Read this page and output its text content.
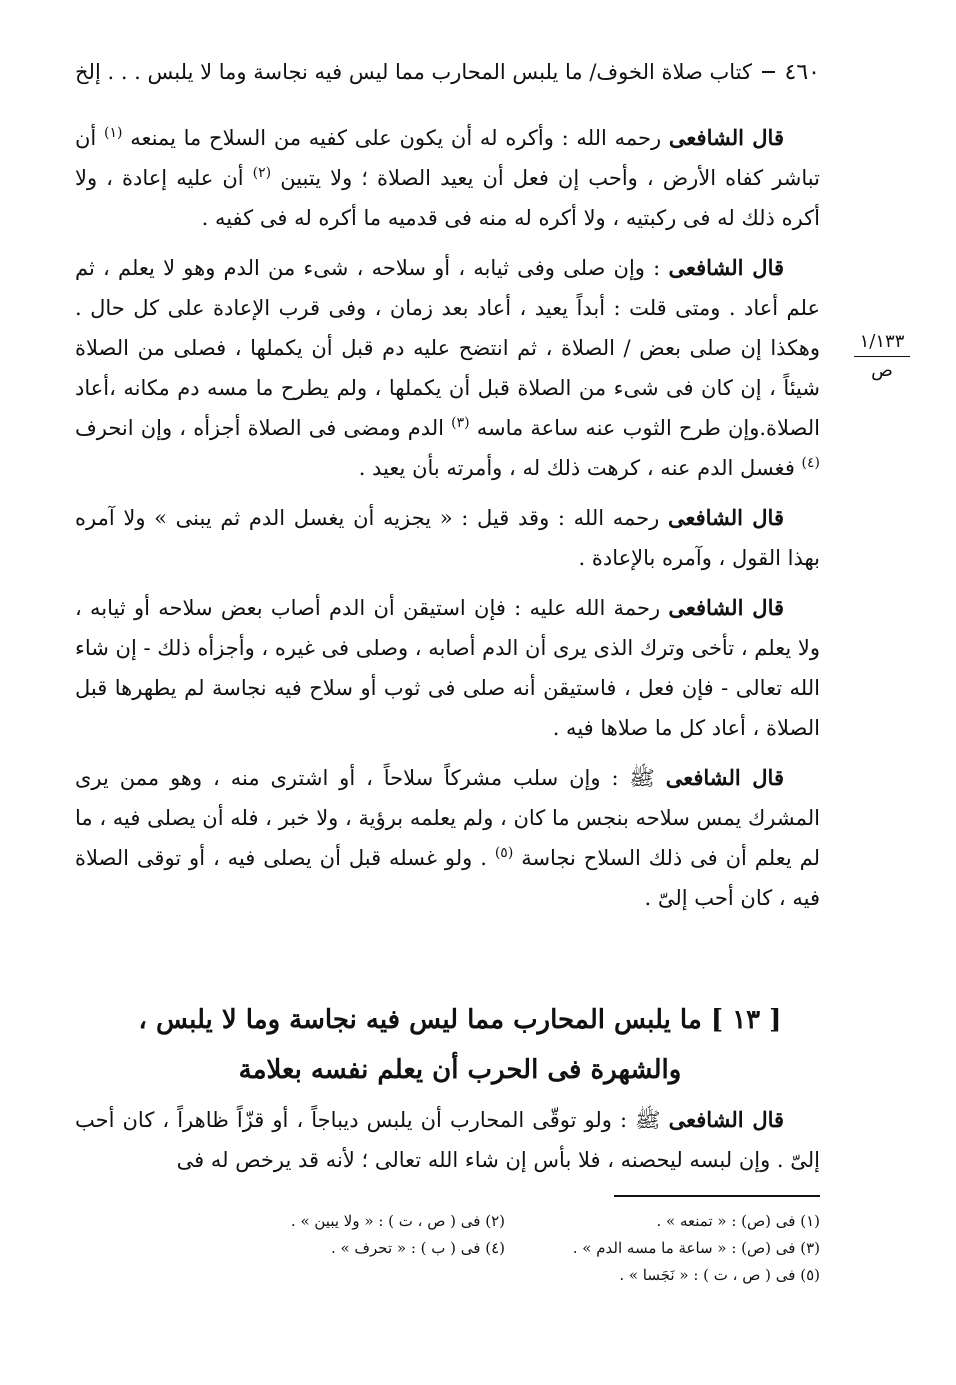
٤٦٠
كتاب صلاة الخوف/ ما يلبس المحارب مما ليس فيه نجاسة وما لا يلبس . . . إلخ
١/١٣٣
ص

قال الشافعى رحمه الله : وأكره له أن يكون على كفيه من السلاح ما يمنعه $^{(١)}$ أن تباشر كفاه الأرض ، وأحب إن فعل أن يعيد الصلاة ؛ ولا يتبين $^{(٢)}$ أن عليه إعادة ، ولا أكره ذلك له فى ركبتيه ، ولا أكره له منه فى قدميه ما أكره له فى كفيه .

قال الشافعى : وإن صلى وفى ثيابه ، أو سلاحه ، شىء من الدم وهو لا يعلم ، ثم علم أعاد . ومتى قلت : أبداً يعيد ، أعاد بعد زمان ، وفى قرب الإعادة على كل حال . وهكذا إن صلى بعض / الصلاة ، ثم انتضح عليه دم قبل أن يكملها ، فصلى من الصلاة شيئاً ، إن كان فى شىء من الصلاة قبل أن يكملها ، ولم يطرح ما مسه دم مكانه ،أعاد الصلاة.وإن طرح الثوب عنه ساعة ماسه $^{(٣)}$ الدم ومضى فى الصلاة أجزأه ، وإن انحرف $^{(٤)}$ فغسل الدم عنه ، كرهت ذلك له ، وأمرته بأن يعيد .

قال الشافعى رحمه الله : وقد قيل : « يجزيه أن يغسل الدم ثم يبنى » ولا آمره بهذا القول ، وآمره بالإعادة .

قال الشافعى رحمة الله عليه : فإن استيقن أن الدم أصاب بعض سلاحه أو ثيابه ، ولا يعلم ، تأخى وترك الذى يرى أن الدم أصابه ، وصلى فى غيره ، وأجزأه ذلك - إن شاء الله تعالى - فإن فعل ، فاستيقن أنه صلى فى ثوب أو سلاح فيه نجاسة لم يطهرها قبل الصلاة ، أعاد كل ما صلاها فيه .

قال الشافعى ﷺ : وإن سلب مشركاً سلاحاً ، أو اشترى منه ، وهو ممن يرى المشرك يمس سلاحه بنجس ما كان ، ولم يعلمه برؤية ، ولا خبر ، فله أن يصلى فيه ، ما لم يعلم أن فى ذلك السلاح نجاسة $^{(٥)}$ . ولو غسله قبل أن يصلى فيه ، أو توقى الصلاة فيه ، كان أحب إلىّ .

[ ١٣ ] ما يلبس المحارب مما ليس فيه نجاسة وما لا يلبس ،
والشهرة فى الحرب أن يعلم نفسه بعلامة

قال الشافعى ﷺ : ولو توقّى المحارب أن يلبس ديباجاً ، أو قزّاً ظاهراً ، كان أحب إلىّ . وإن لبسه ليحصنه ، فلا بأس إن شاء الله تعالى ؛ لأنه قد يرخص له فى

(١) فى (ص) : « تمنعه » .
(٢) فى ( ص ، ت ) : « ولا يبين » .
(٣) فى (ص) : « ساعة ما مسه الدم » .
(٤) فى ( ب ) : « تحرف » .
(٥) فى ( ص ، ت ) : « نَجَسا » .
